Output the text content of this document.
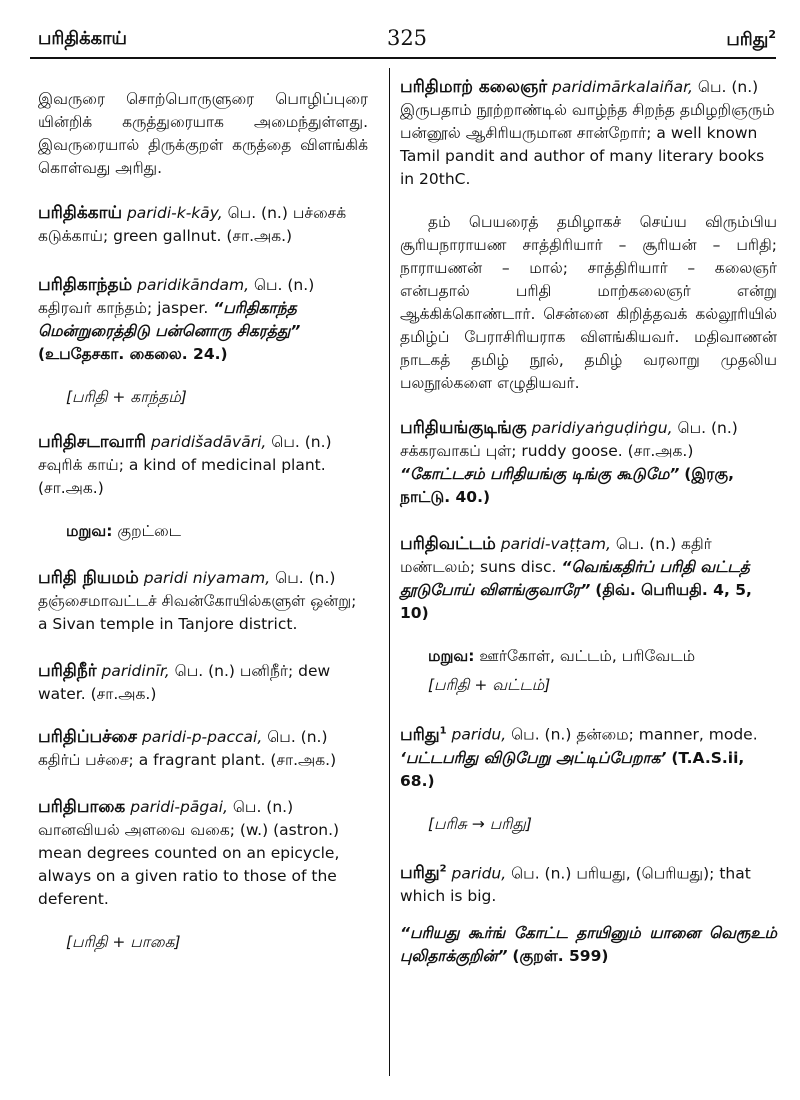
பரிதிக்காய்	325	பரிது$^2$
இவருரை சொற்பொருளுரை பொழிப்புரை யின்றிக் கருத்துரையாக அமைந்துள்ளது. இவருரையால் திருக்குறள் கருத்தை விளங்கிக் கொள்வது அரிது.
பரிதிக்காய் paridi-k-kāy, பெ. (n.) பச்சைக் கடுக்காய்; green gallnut. (சா.அக.)
பரிதிகாந்தம் paridikāndam, பெ. (n.) கதிரவர் காந்தம்; jasper. “பரிதிகாந்த மென்றுரைத்திடு பன்னொரு சிகரத்து” (உபதேசகா. கைலை. 24.)
[பரிதி + காந்தம்]
பரிதிசடாவாரி paridišadāvāri, பெ. (n.) சவுரிக் காய்; a kind of medicinal plant. (சா.அக.)
மறுவ: குறட்டை
பரிதி நியமம் paridi niyamam, பெ. (n.) தஞ்சைமாவட்டச் சிவன்கோயில்களுள் ஒன்று; a Sivan temple in Tanjore district.
பரிதிநீர் paridinīr, பெ. (n.) பனிநீர்; dew water. (சா.அக.)
பரிதிப்பச்சை paridi-p-paccai, பெ. (n.) கதிர்ப் பச்சை; a fragrant plant. (சா.அக.)
பரிதிபாகை paridi-pāgai, பெ. (n.) வானவியல் அளவை வகை; (w.) (astron.) mean degrees counted on an epicycle, always on a given ratio to those of the deferent.
[பரிதி + பாகை]
பரிதிமாற் கலைஞர் paridimārkalaiñar, பெ. (n.) இருபதாம் நூற்றாண்டில் வாழ்ந்த சிறந்த தமிழறிஞரும் பன்னூல் ஆசிரியருமான சான்றோர்; a well known Tamil pandit and author of many literary books in 20thC.
தம் பெயரைத் தமிழாகச் செய்ய விரும்பிய சூரியநாராயண சாத்திரியார் – சூரியன் – பரிதி; நாராயணன் – மால்; சாத்திரியார் – கலைஞர் என்பதால் பரிதி மாற்கலைஞர் என்று ஆக்கிக்கொண்டார். சென்னை கிறித்தவக் கல்லூரியில் தமிழ்ப் பேராசிரியராக விளங்கியவர். மதிவாணன் நாடகத் தமிழ் நூல், தமிழ் வரலாறு முதலிய பலநூல்களை எழுதியவர்.
பரிதியங்குடிங்கு paridiyaṅguḍiṅgu, பெ. (n.) சக்கரவாகப் புள்; ruddy goose. (சா.அக.) “கோட்டசம் பரிதியங்கு டிங்கு கூடுமே” (இரகு, நாட்டு. 40.)
பரிதிவட்டம் paridi-vaṭṭam, பெ. (n.) கதிர் மண்டலம்; suns disc. “வெங்கதிர்ப் பரிதி வட்டத் தூடுபோய் விளங்குவாரே” (திவ். பெரியதி. 4, 5, 10)
மறுவ: ஊர்கோள், வட்டம், பரிவேடம்
[பரிதி + வட்டம்]
பரிது$^1$ paridu, பெ. (n.) தன்மை; manner, mode. ‘பட்டபரிது விடுபேறு அட்டிப்பேறாக’ (T.A.S.ii, 68.)
[பரிசு → பரிது]
பரிது$^2$ paridu, பெ. (n.) பரியது, (பெரியது); that which is big.
“பரியது கூர்ங் கோட்ட தாயினும் யானை வெரூஉம் புலிதாக்குறின்” (குறள். 599)
